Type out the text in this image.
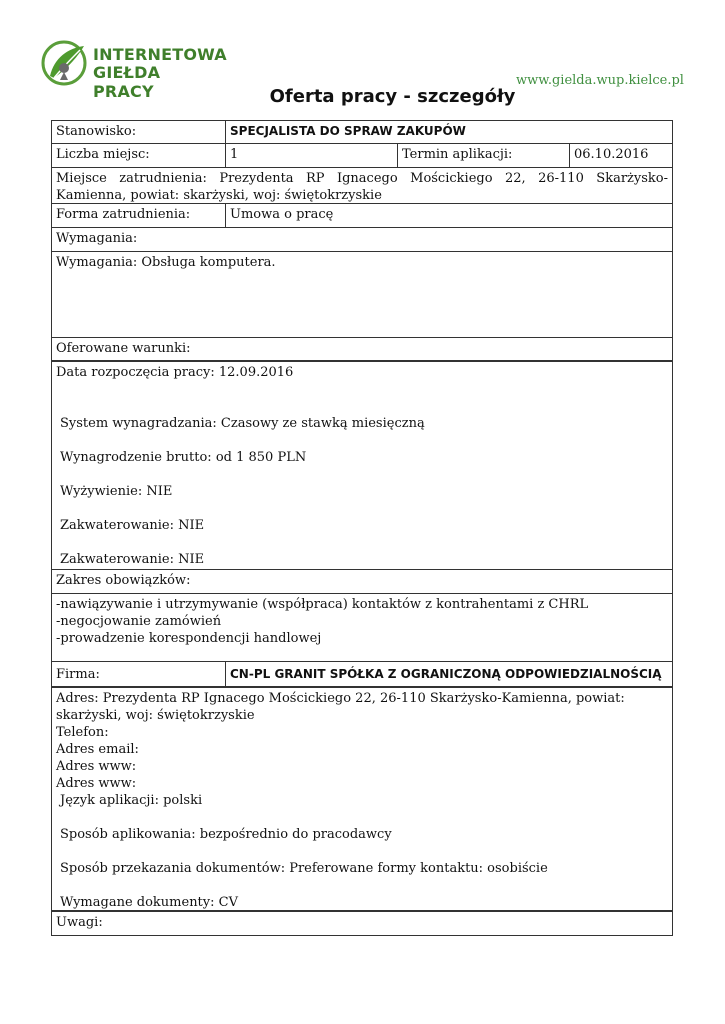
INTERNETOWA
GIEŁDA PRACY
www.gielda.wup.kielce.pl
Oferta pracy - szczegóły
Stanowisko:	SPECJALISTA DO SPRAW ZAKUPÓW
Liczba miejsc:	1	Termin aplikacji:	06.10.2016
Miejsce zatrudnienia: Prezydenta RP Ignacego Mościckiego 22, 26-110 Skarżysko-Kamienna, powiat: skarżyski, woj: świętokrzyskie
Forma zatrudnienia:	Umowa o pracę
Wymagania:
Wymagania: Obsługa komputera.
Oferowane warunki:

Data rozpoczęcia pracy: 12.09.2016

System wynagradzania: Czasowy ze stawką miesięczną

Wynagrodzenie brutto: od 1 850 PLN

Wyżywienie: NIE

Zakwaterowanie: NIE

Zakwaterowanie: NIE

Zakres obowiązków:

-nawiązywanie i utrzymywanie (współpraca) kontaktów z kontrahentami z CHRL

-negocjowanie zamówień

-prowadzenie korespondencji handlowej

Firma:	CN-PL GRANIT SPÓŁKA Z OGRANICZONĄ ODPOWIEDZIALNOŚCIĄ

Adres: Prezydenta RP Ignacego Mościckiego 22, 26-110 Skarżysko-Kamienna, powiat: skarżyski, woj: świętokrzyskie

Telefon:

Adres email:

Adres www:

Adres www:

Język aplikacji: polski

Sposób aplikowania: bezpośrednio do pracodawcy

Sposób przekazania dokumentów: Preferowane formy kontaktu: osobiście

Wymagane dokumenty: CV

Uwagi:
